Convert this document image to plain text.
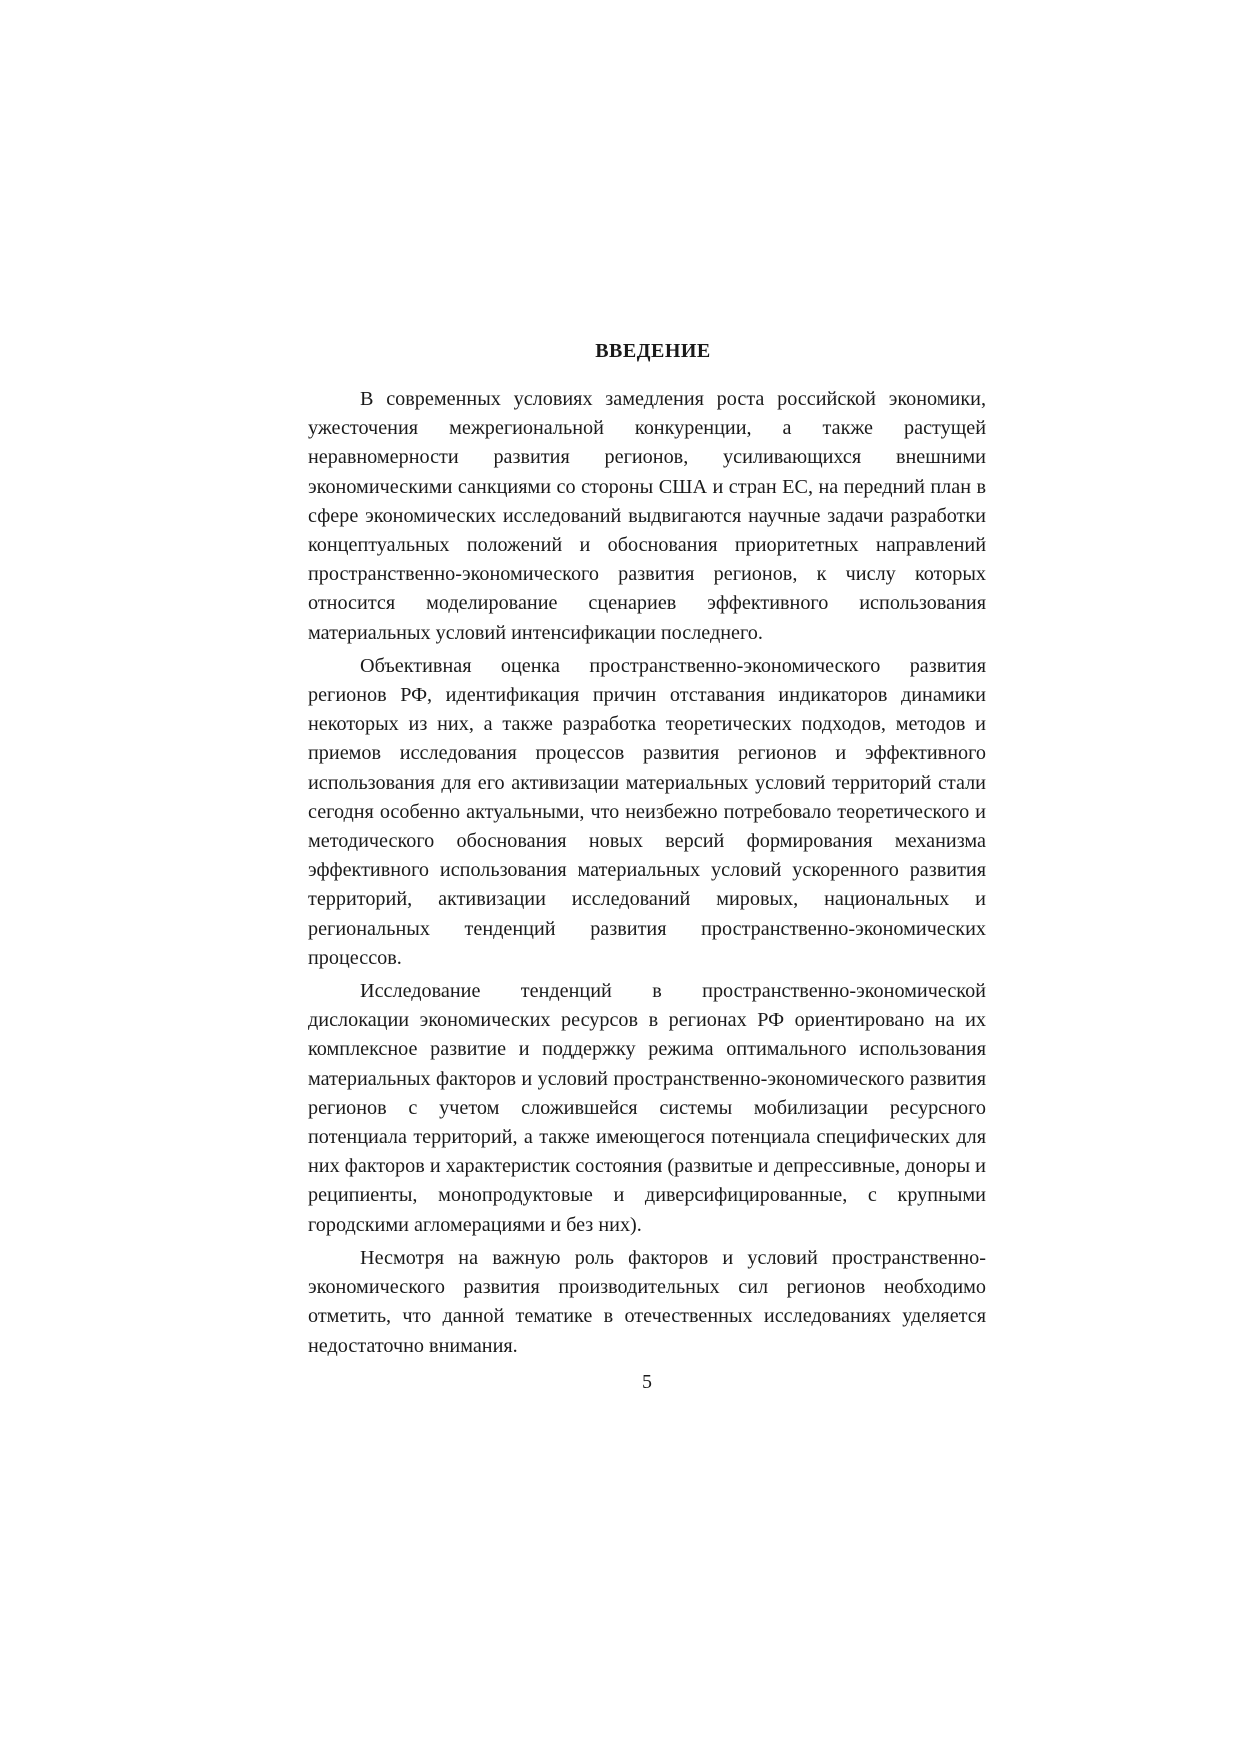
ВВЕДЕНИЕ

В современных условиях замедления роста российской экономики, ужесточения межрегиональной конкуренции, а также растущей неравномерности развития регионов, усиливающихся внешними экономическими санкциями со стороны США и стран ЕС, на передний план в сфере экономических исследований выдвигаются научные задачи разработки концептуальных положений и обоснования приоритетных направлений пространственно-экономического развития регионов, к числу которых относится моделирование сценариев эффективного использования материальных условий интенсификации последнего.

Объективная оценка пространственно-экономического развития регионов РФ, идентификация причин отставания индикаторов динамики некоторых из них, а также разработка теоретических подходов, методов и приемов исследования процессов развития регионов и эффективного использования для его активизации материальных условий территорий стали сегодня особенно актуальными, что неизбежно потребовало теоретического и методического обоснования новых версий формирования механизма эффективного использования материальных условий ускоренного развития территорий, активизации исследований мировых, национальных и региональных тенденций развития пространственно-экономических процессов.

Исследование тенденций в пространственно-экономической дислокации экономических ресурсов в регионах РФ ориентировано на их комплексное развитие и поддержку режима оптимального использования материальных факторов и условий пространственно-экономического развития регионов с учетом сложившейся системы мобилизации ресурсного потенциала территорий, а также имеющегося потенциала специфических для них факторов и характеристик состояния (развитые и депрессивные, доноры и реципиенты, монопродуктовые и диверсифицированные, с крупными городскими агломерациями и без них).

Несмотря на важную роль факторов и условий пространственно-экономического развития производительных сил регионов необходимо отметить, что данной тематике в отечественных исследованиях уделяется недостаточно внимания.

5
